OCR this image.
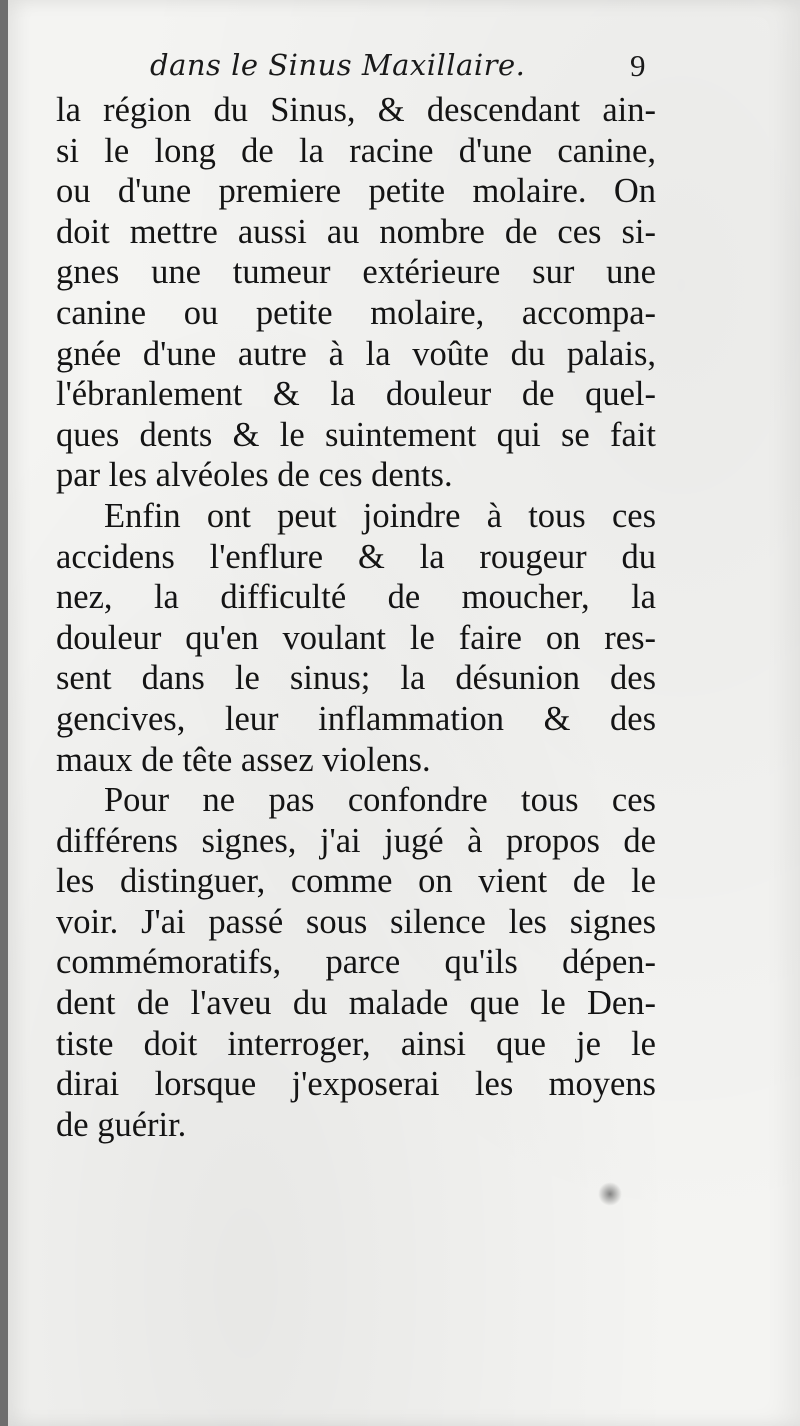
dans le Sinus Maxillaire.	9
la région du Sinus, & descendant ain-
si le long de la racine d'une canine,
ou d'une premiere petite molaire. On
doit mettre aussi au nombre de ces si-
gnes une tumeur extérieure sur une
canine ou petite molaire, accompa-
gnée d'une autre à la voûte du palais,
l'ébranlement & la douleur de quel-
ques dents & le suintement qui se fait
par les alvéoles de ces dents.
Enfin ont peut joindre à tous ces
accidens l'enflure & la rougeur du
nez, la difficulté de moucher, la
douleur qu'en voulant le faire on res-
sent dans le sinus; la désunion des
gencives, leur inflammation & des
maux de tête assez violens.
Pour ne pas confondre tous ces
différens signes, j'ai jugé à propos de
les distinguer, comme on vient de le
voir. J'ai passé sous silence les signes
commémoratifs, parce qu'ils dépen-
dent de l'aveu du malade que le Den-
tiste doit interroger, ainsi que je le
dirai lorsque j'exposerai les moyens
de guérir.
